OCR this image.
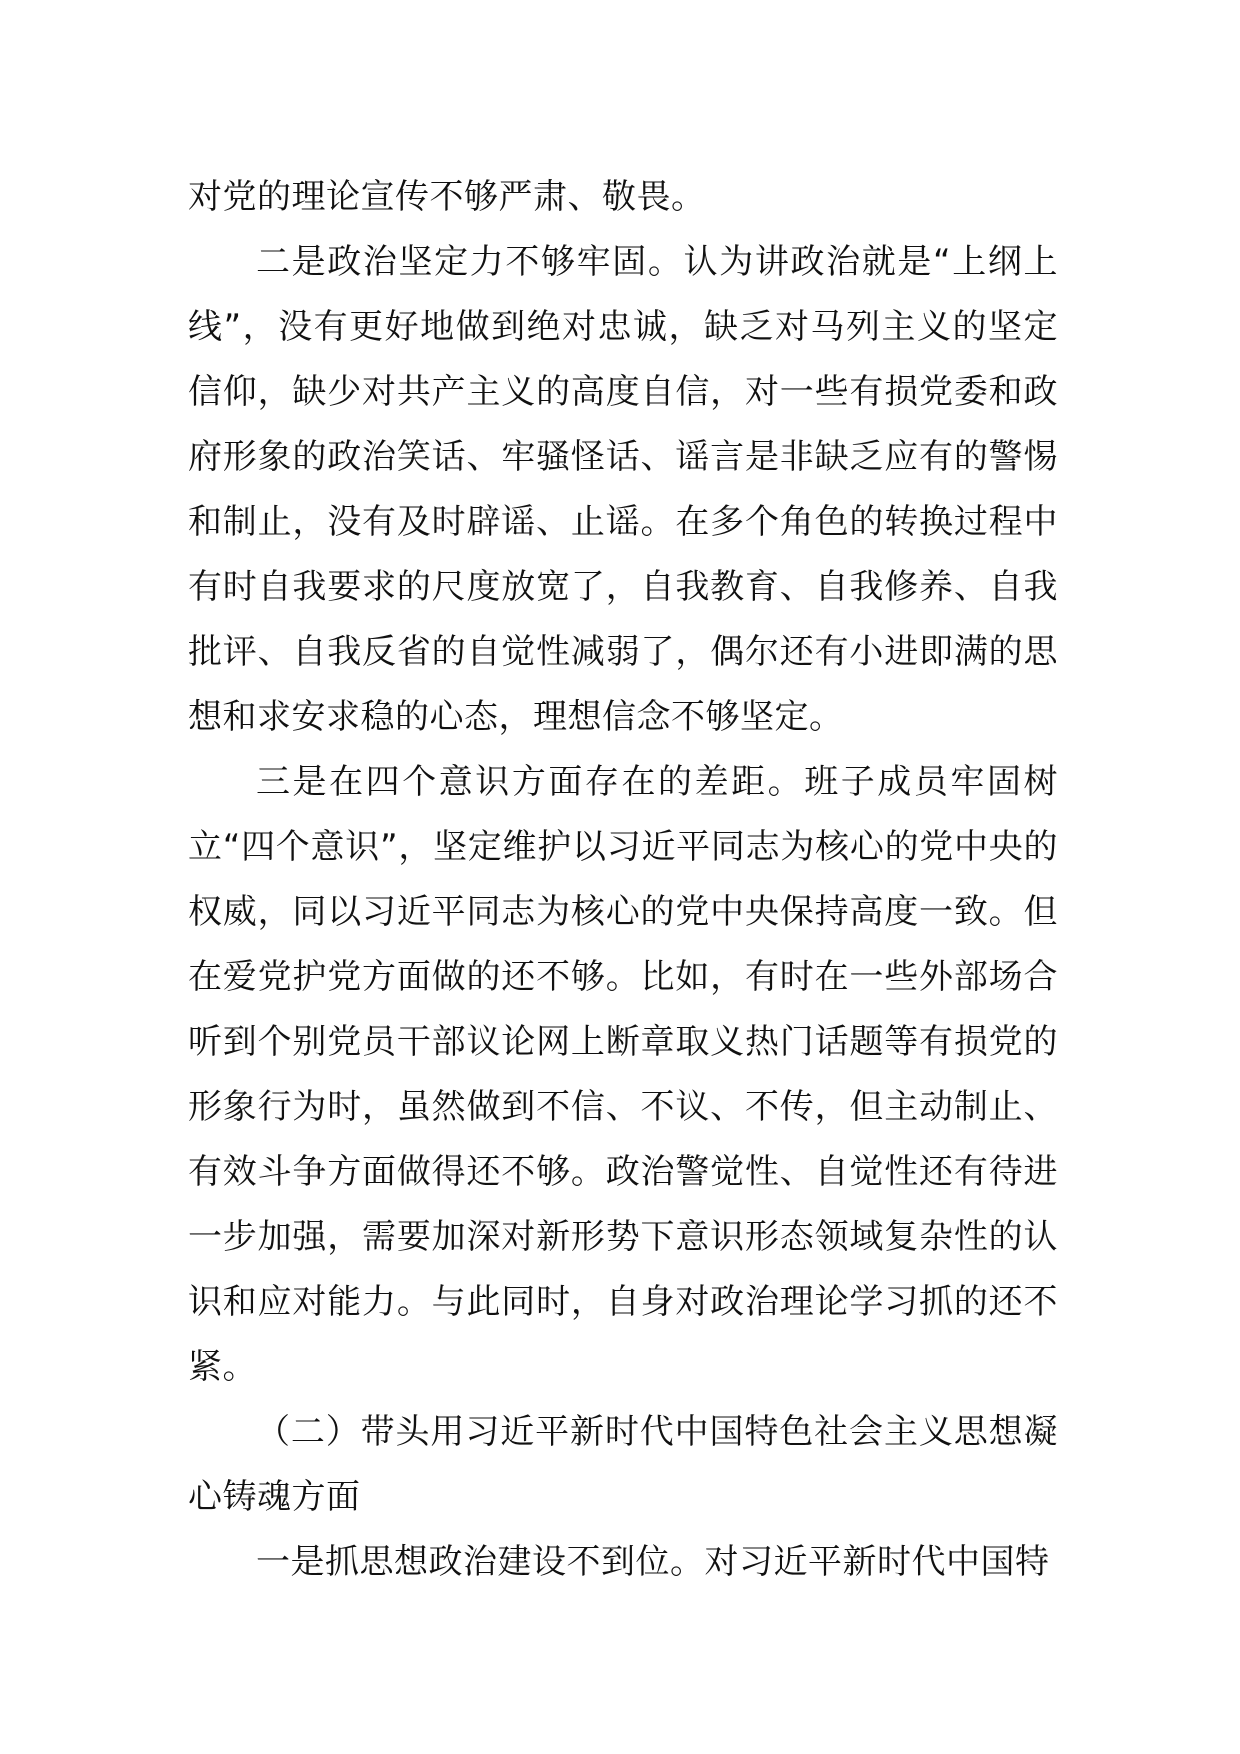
对党的理论宣传不够严肃、敬畏。

二是政治坚定力不够牢固。认为讲政治就是“上纲上线”，没有更好地做到绝对忠诚，缺乏对马列主义的坚定信仰，缺少对共产主义的高度自信，对一些有损党委和政府形象的政治笑话、牢骚怪话、谣言是非缺乏应有的警惕和制止，没有及时辟谣、止谣。在多个角色的转换过程中有时自我要求的尺度放宽了，自我教育、自我修养、自我批评、自我反省的自觉性减弱了，偶尔还有小进即满的思想和求安求稳的心态，理想信念不够坚定。

三是在四个意识方面存在的差距。班子成员牢固树立“四个意识”，坚定维护以习近平同志为核心的党中央的权威，同以习近平同志为核心的党中央保持高度一致。但在爱党护党方面做的还不够。比如，有时在一些外部场合听到个别党员干部议论网上断章取义热门话题等有损党的形象行为时，虽然做到不信、不议、不传，但主动制止、有效斗争方面做得还不够。政治警觉性、自觉性还有待进一步加强，需要加深对新形势下意识形态领域复杂性的认识和应对能力。与此同时，自身对政治理论学习抓的还不紧。

（二）带头用习近平新时代中国特色社会主义思想凝心铸魂方面

一是抓思想政治建设不到位。对习近平新时代中国特
